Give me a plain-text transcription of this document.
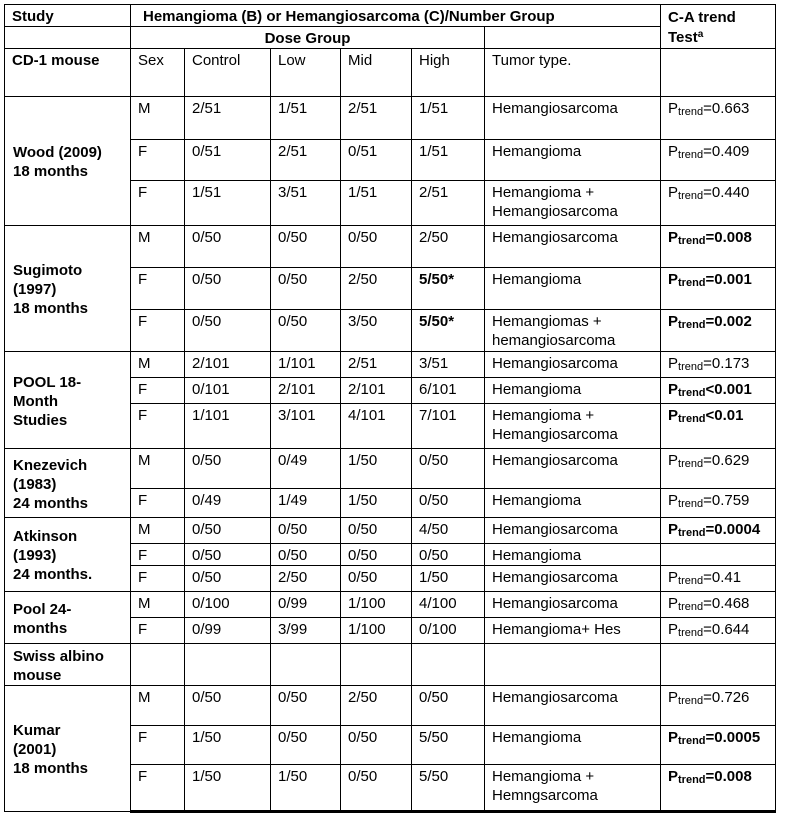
Study	Hemangioma (B) or Hemangiosarcoma (C)/Number Group						C-A trend Test$^a$
	Dose Group						
CD-1 mouse	Sex	Control	Low	Mid	High	Tumor type.	
Wood (2009)
18 months	M	2/51	1/51	2/51	1/51	Hemangiosarcoma	Ptrend=0.663
	F	0/51	2/51	0/51	1/51	Hemangioma	Ptrend=0.409
	F	1/51	3/51	1/51	2/51	Hemangioma +
Hemangiosarcoma	Ptrend=0.440
Sugimoto
(1997)
18 months	M	0/50	0/50	0/50	2/50	Hemangiosarcoma	Ptrend=0.008
	F	0/50	0/50	2/50	5/50*	Hemangioma	Ptrend=0.001
	F	0/50	0/50	3/50	5/50*	Hemangiomas +
hemangiosarcoma	Ptrend=0.002
POOL 18-
Month
Studies	M	2/101	1/101	2/51	3/51	Hemangiosarcoma	Ptrend=0.173
	F	0/101	2/101	2/101	6/101	Hemangioma	Ptrend<0.001
	F	1/101	3/101	4/101	7/101	Hemangioma +
Hemangiosarcoma	Ptrend<0.01
Knezevich
(1983)
24 months	M	0/50	0/49	1/50	0/50	Hemangiosarcoma	Ptrend=0.629
	F	0/49	1/49	1/50	0/50	Hemangioma	Ptrend=0.759
Atkinson
(1993)
24 months.	M	0/50	0/50	0/50	4/50	Hemangiosarcoma	Ptrend=0.0004
	F	0/50	0/50	0/50	0/50	Hemangioma	
	F	0/50	2/50	0/50	1/50	Hemangiosarcoma	Ptrend=0.41
Pool 24-
months	M	0/100	0/99	1/100	4/100	Hemangiosarcoma	Ptrend=0.468
	F	0/99	3/99	1/100	0/100	Hemangioma+ Hes	Ptrend=0.644
Swiss albino
mouse							
Kumar
(2001)
18 months	M	0/50	0/50	2/50	0/50	Hemangiosarcoma	Ptrend=0.726
	F	1/50	0/50	0/50	5/50	Hemangioma	Ptrend=0.0005
	F	1/50	1/50	0/50	5/50	Hemangioma +
Hemngsarcoma	Ptrend=0.008
